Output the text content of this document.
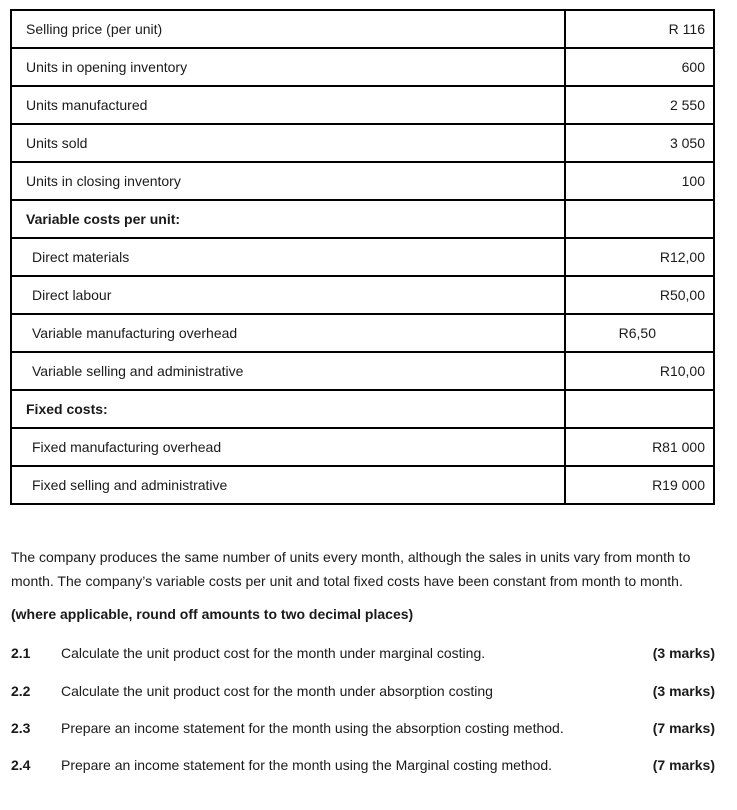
Selling price (per unit)	R 116
Units in opening inventory	600
Units manufactured	2 550
Units sold	3 050
Units in closing inventory	100
Variable costs per unit:	
Direct materials	R12,00
Direct labour	R50,00
Variable manufacturing overhead	R6,50
Variable selling and administrative	R10,00
Fixed costs:	
Fixed manufacturing overhead	R81 000
Fixed selling and administrative	R19 000
The company produces the same number of units every month, although the sales in units vary from month to month. The company’s variable costs per unit and total fixed costs have been constant from month to month.
(where applicable, round off amounts to two decimal places)
2.1 Calculate the unit product cost for the month under marginal costing.	(3 marks)
2.2 Calculate the unit product cost for the month under absorption costing	(3 marks)
2.3 Prepare an income statement for the month using the absorption costing method.	(7 marks)
2.4 Prepare an income statement for the month using the Marginal costing method.	(7 marks)
